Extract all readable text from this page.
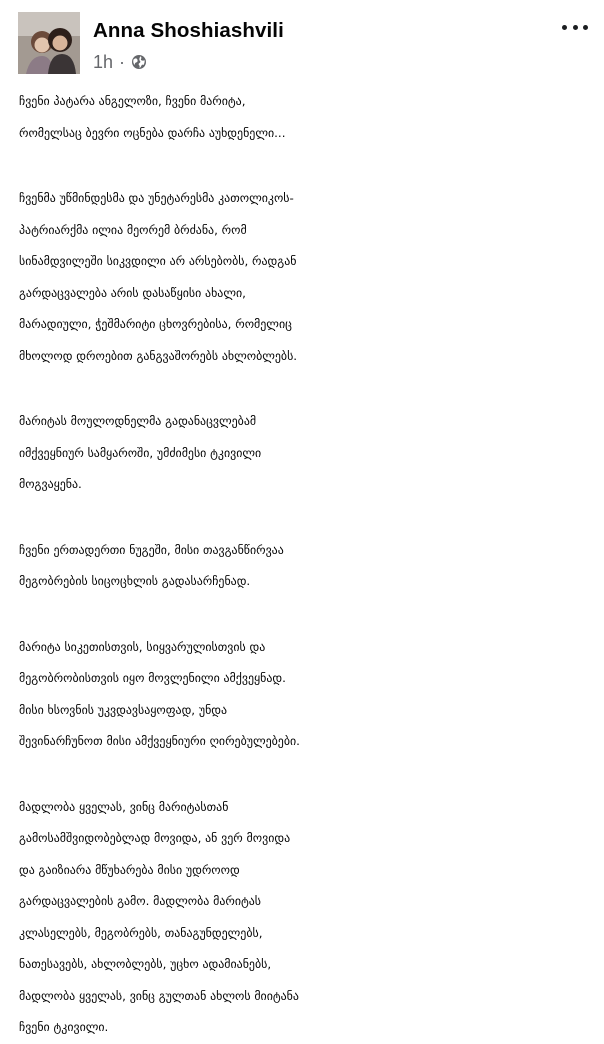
Anna Shoshiashvili
1h ·
ჩვენი პატარა ანგელოზი, ჩვენი მარიტა,
რომელსაც ბევრი ოცნება დარჩა აუხდენელი...
ჩვენმა უწმინდესმა და უნეტარესმა კათოლიკოს-
პატრიარქმა ილია მეორემ ბრძანა, რომ
სინამდვილეში სიკვდილი არ არსებობს, რადგან
გარდაცვალება არის დასაწყისი ახალი,
მარადიული, ჭეშმარიტი ცხოვრებისა, რომელიც
მხოლოდ დროებით განგვაშორებს ახლობლებს.
მარიტას მოულოდნელმა გადანაცვლებამ
იმქვეყნიურ სამყაროში, უმძიმესი ტკივილი
მოგვაყენა.
ჩვენი ერთადერთი ნუგეში, მისი თავგანწირვაა
მეგობრების სიცოცხლის გადასარჩენად.
მარიტა სიკეთისთვის, სიყვარულისთვის და
მეგობრობისთვის იყო მოვლენილი ამქვეყნად.
მისი ხსოვნის უკვდავსაყოფად, უნდა
შევინარჩუნოთ მისი ამქვეყნიური ღირებულებები.
მადლობა ყველას, ვინც მარიტასთან
გამოსამშვიდობებლად მოვიდა, ან ვერ მოვიდა
და გაიზიარა მწუხარება მისი უდროოდ
გარდაცვალების გამო. მადლობა მარიტას
კლასელებს, მეგობრებს, თანაგუნდელებს,
ნათესავებს, ახლობლებს, უცხო ადამიანებს,
მადლობა ყველას, ვინც გულთან ახლოს მიიტანა
ჩვენი ტკივილი.
